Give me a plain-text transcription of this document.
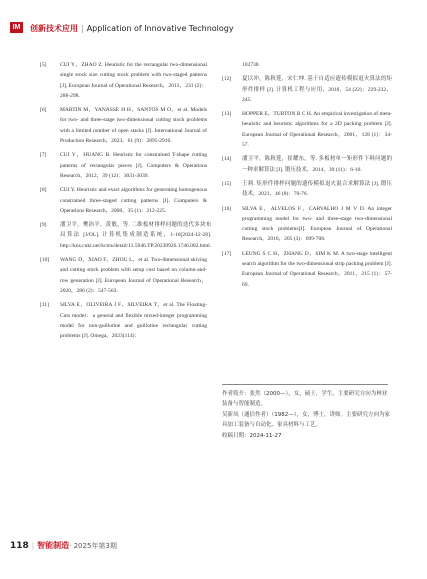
IM	创新技术应用 | Application of Innovative Technology
[5]	CUI Y，ZHAO Z. Heuristic for the rectangular two-dimensional single stock size cutting stock problem with two-staged patterns [J]. European Journal of Operational Research，2013，231 (2)：288-298.
[6]	MARTIN M，YANASSE H H，SANTOS M O，et al. Models for two- and three-stage two-dimensional cutting stock problems with a limited number of open stacks [J]. International Journal of Production Research，2023，61 (9)：2895-2916.
[7]	CUI Y，HUANG B. Heuristic for constrained T-shape cutting patterns of rectangular pieces [J]. Computers & Operations Research，2012，39 (12)：3031-3039.
[8]	CUI Y. Heuristic and exact algorithms for generating homogenous constrained three-staged cutting patterns [J]. Computers & Operations Research，2008，35 (1)：212-225.
[9]	潘卫平，樊治平，黄敏，等. 二维板材排样问题的迭代多块布局算法 [J/OL]. 计算机集成制造系统，1-16[2024-12-28]. http://kns.cnki.net/kcms/detail/11.5946.TP.20230926.1746.002.html.
[10]	WANG D，XIAO F，ZHOU L，et al. Two-dimensional skiving and cutting stock problem with setup cost based on column-and-row generation [J]. European Journal of Operational Research，2020，286 (2)：547-563.
[11]	SILVA E，OLIVEIRA J F，SILVEIRA T，et al. The Floating-Cuts model：a general and flexible mixed-integer programming model for non-guillotine and guillotine rectangular cutting problems [J]. Omega，2023(114)：
102738.
[12]	夏以冲，陈秋莲，宋仁坤. 基于自适应遗传模拟退火算法的矩形件排样 [J]. 计算机工程与应用，2018，54 (22)：229-232，245.
[13]	HOPPER E，TURTON B C H. An empirical investigation of meta-heuristic and heuristic algorithms for a 2D packing problem [J]. European Journal of Operational Research，2001，128 (1)：34-57.
[14]	潘卫平，陈秋莲，崔耀东，等. 多板材单一矩形件下料问题的一种求解算法 [J]. 锻压技术，2014，39 (11)：6-10.
[15]	王莉. 矩形件排样问题的遗传模拟退火混合求解算法 [J]. 锻压技术，2021，46 (8)：70-76.
[16]	SILVA E，ALVELOS F，CARVALHO J M V D. An integer programming model for two- and three-stage two-dimensional cutting stock problems[J]. European Journal of Operational Research，2010，205 (3)：699-708.
[17]	LEUNG S C H，ZHANG D，SIM K M. A two-stage intelligent search algorithm for the two-dimensional strip packing problem [J]. European Journal of Operational Research，2011，215 (1)：57-69.
作者简介：张然（2000—），女，硕士，学生，主要研究方向为林业装备与智能制造。
吴新凤（通信作者）（1982—），女，博士，讲师。主要研究方向为家具加工装备与自动化、家具材料与工艺。
收稿日期：2024-11-27
118 | 智能制造· 2025年第3期
